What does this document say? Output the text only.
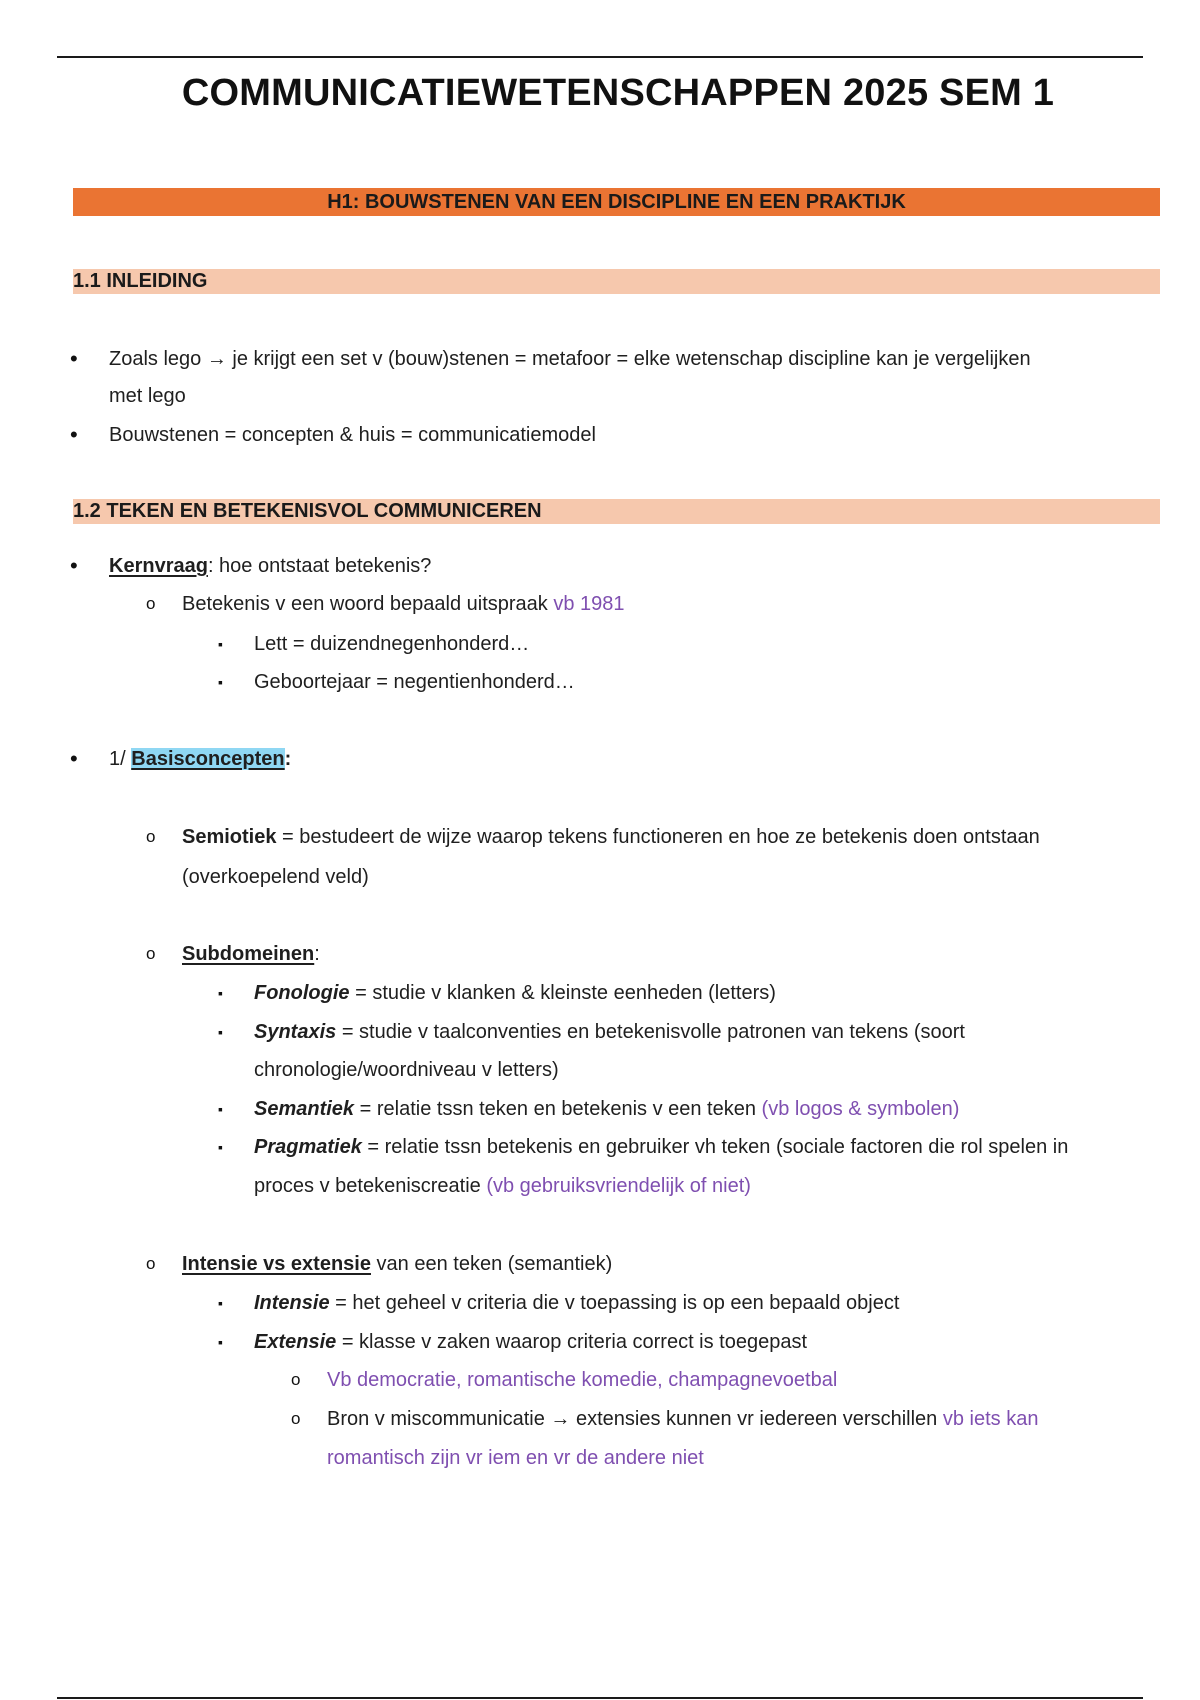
COMMUNICATIEWETENSCHAPPEN 2025 SEM 1
H1: BOUWSTENEN VAN EEN DISCIPLINE EN EEN PRAKTIJK
1.1 INLEIDING
• Zoals lego → je krijgt een set v (bouw)stenen = metafoor = elke wetenschap discipline kan je vergelijken
met lego
• Bouwstenen = concepten & huis = communicatiemodel
1.2 TEKEN EN BETEKENISVOL COMMUNICEREN
• Kernvraag: hoe ontstaat betekenis?
o Betekenis v een woord bepaald uitspraak vb 1981
▪ Lett = duizendnegenhonderd…
▪ Geboortejaar = negentienhonderd…
• 1/ Basisconcepten:
o Semiotiek = bestudeert de wijze waarop tekens functioneren en hoe ze betekenis doen ontstaan
(overkoepelend veld)
o Subdomeinen:
▪ Fonologie = studie v klanken & kleinste eenheden (letters)
▪ Syntaxis = studie v taalconventies en betekenisvolle patronen van tekens (soort
chronologie/woordniveau v letters)
▪ Semantiek = relatie tssn teken en betekenis v een teken (vb logos & symbolen)
▪ Pragmatiek = relatie tssn betekenis en gebruiker vh teken (sociale factoren die rol spelen in
proces v betekeniscreatie (vb gebruiksvriendelijk of niet)
o Intensie vs extensie van een teken (semantiek)
▪ Intensie = het geheel v criteria die v toepassing is op een bepaald object
▪ Extensie = klasse v zaken waarop criteria correct is toegepast
o Vb democratie, romantische komedie, champagnevoetbal
o Bron v miscommunicatie → extensies kunnen vr iedereen verschillen vb iets kan
romantisch zijn vr iem en vr de andere niet
